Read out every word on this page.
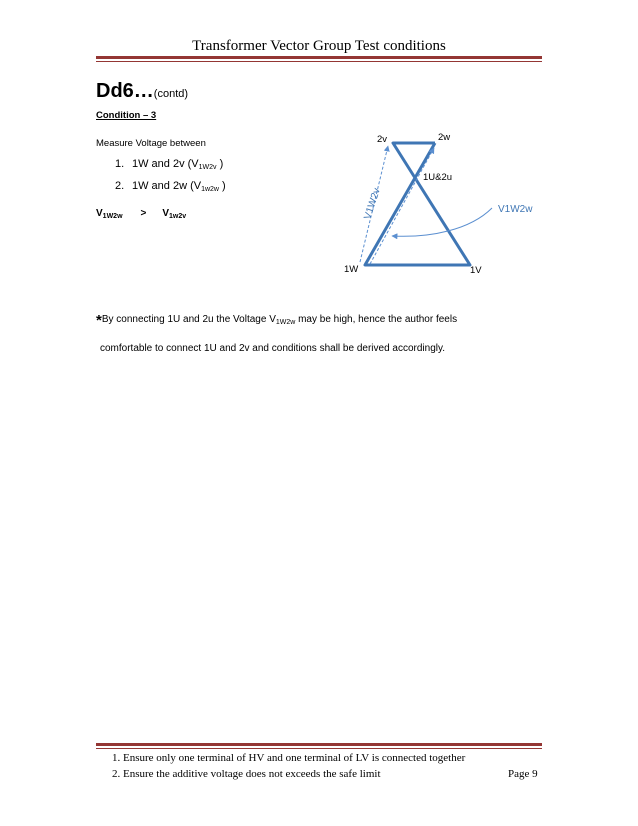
Transformer Vector Group Test conditions
Dd6…(contd)
Condition – 3
Measure Voltage between
1. 1W and 2v ($V_{1W2v}$ )
2. 1W and 2w ($V_{1w2w}$ )
$V_{1W2w} > V_{1w2v}$
2v	2w
1U&2u
1W	1V
V1W2v	V1W2w
*By connecting 1U and 2u the Voltage $V_{1W2w}$ may be high, hence the author feels
comfortable to connect 1U and 2v and conditions shall be derived accordingly.
1. Ensure only one terminal of HV and one terminal of LV is connected together
2. Ensure the additive voltage does not exceeds the safe limit	Page 9
